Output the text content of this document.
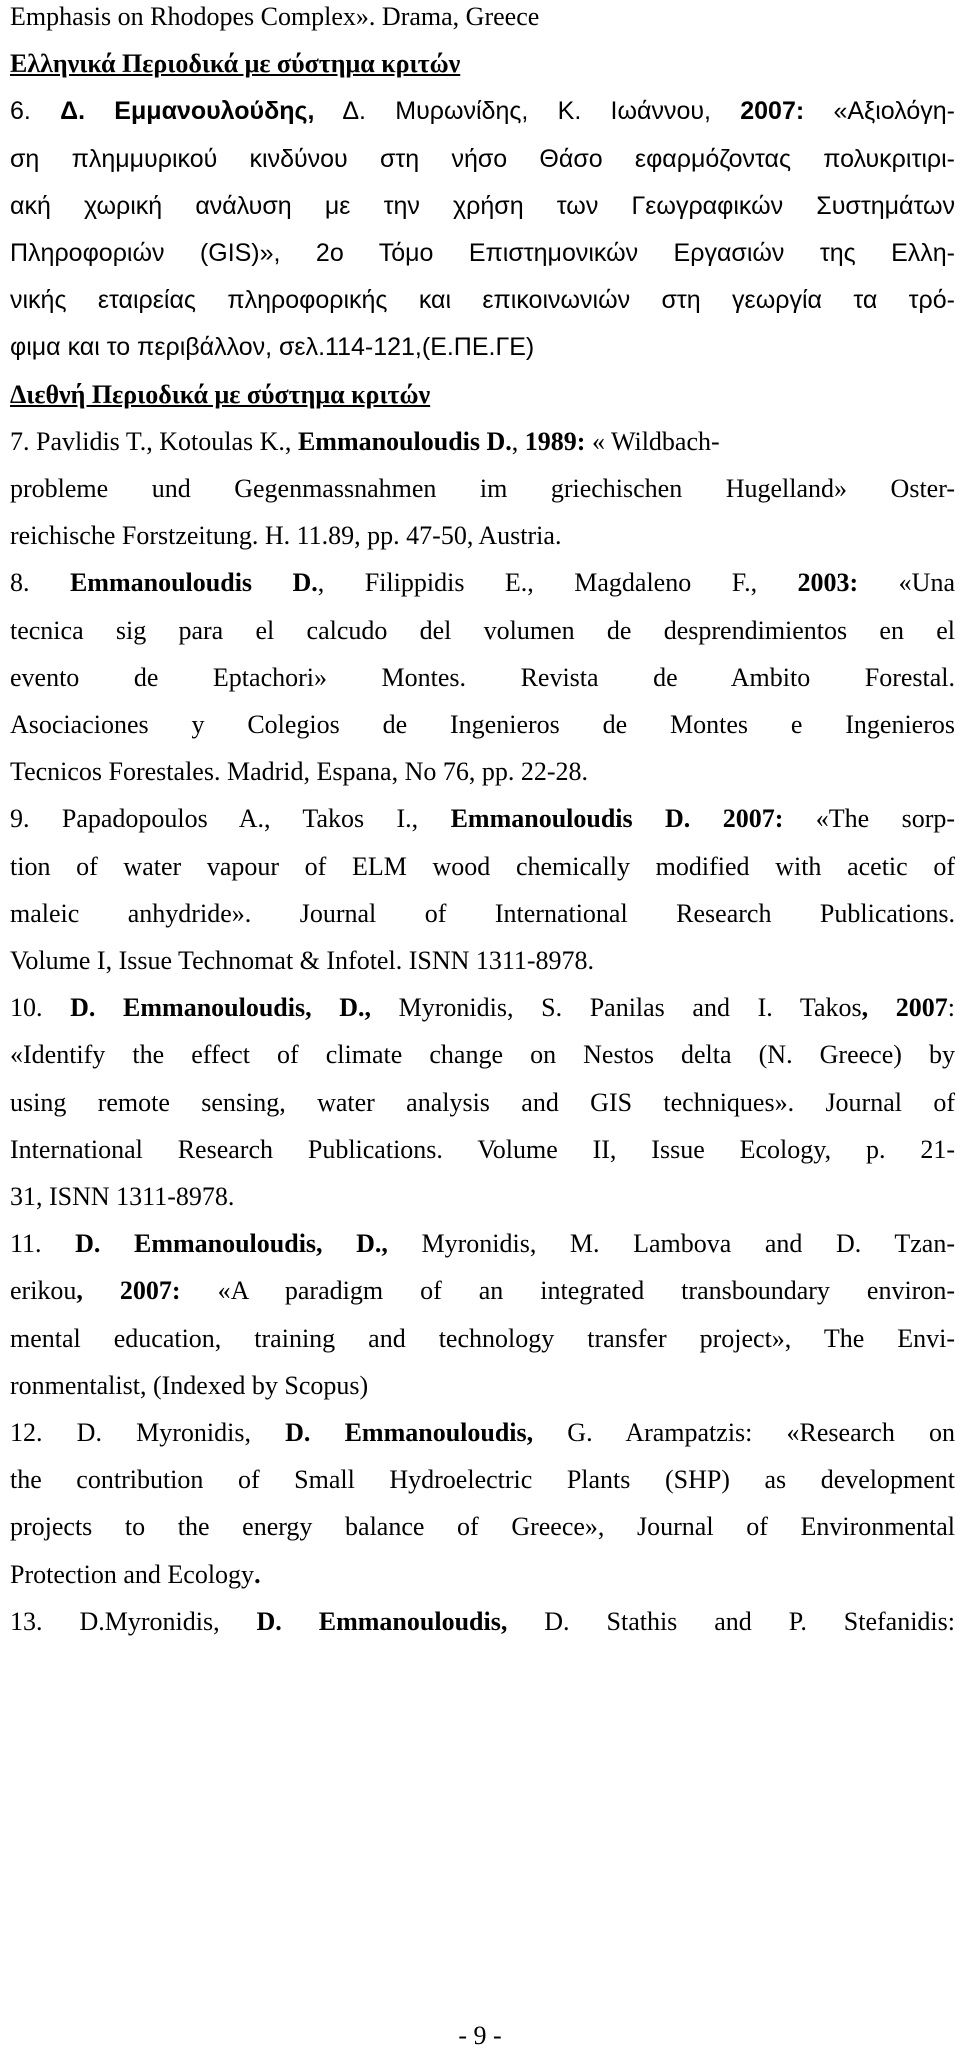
Emphasis on Rhodopes Complex». Drama, Greece
Ελληνικά Περιοδικά με σύστημα κριτών
6. Δ. Εμμανουλούδης, Δ. Μυρωνίδης, Κ. Ιωάννου, 2007: «Αξιολόγη-
ση πλημμυρικού κινδύνου στη νήσο Θάσο εφαρμόζοντας πολυκριτιρι-
ακή χωρική ανάλυση με την χρήση των Γεωγραφικών Συστημάτων
Πληροφοριών (GIS)», 2ο Τόμο Επιστημονικών Εργασιών της Ελλη-
νικής εταιρείας πληροφορικής και επικοινωνιών στη γεωργία τα τρό-
φιμα και το περιβάλλον, σελ.114-121,(Ε.ΠΕ.ΓΕ)
Διεθνή Περιοδικά με σύστημα κριτών
7. Pavlidis T., Kotoulas K., Emmanouloudis D., 1989: « Wildbach-
probleme und Gegenmassnahmen im griechischen Hugelland» Oster-
reichische Forstzeitung. H. 11.89, pp. 47-50, Austria.
8. Emmanouloudis D., Filippidis E., Magdaleno F., 2003: «Una
tecnica sig para el calcudo del volumen de desprendimientos en el
evento de Eptachori» Montes. Revista de Ambito Forestal.
Asociaciones y Colegios de Ingenieros de Montes e Ingenieros
Tecnicos Forestales. Madrid, Espana, No 76, pp. 22-28.
9. Papadopoulos A., Takos I., Emmanouloudis D. 2007: «The sorp-
tion of water vapour of ELM wood chemically modified with acetic of
maleic anhydride». Journal of International Research Publications.
Volume I, Issue Technomat & Infotel. ISNN 1311-8978.
10. D. Emmanouloudis, D., Myronidis, S. Panilas and I. Takos, 2007:
«Identify the effect of climate change on Nestos delta (N. Greece) by
using remote sensing, water analysis and GIS techniques». Journal of
International Research Publications. Volume II, Issue Ecology, p. 21-
31, ISNN 1311-8978.
11. D. Emmanouloudis, D., Myronidis, M. Lambova and D. Tzan-
erikou, 2007: «A paradigm of an integrated transboundary environ-
mental education, training and technology transfer project», The Envi-
ronmentalist, (Indexed by Scopus)
12. D. Myronidis, D. Emmanouloudis, G. Arampatzis: «Research on
the contribution of Small Hydroelectric Plants (SHP) as development
projects to the energy balance of Greece», Journal of Environmental
Protection and Ecology.
13. D.Myronidis, D. Emmanouloudis, D. Stathis and P. Stefanidis:
- 9 -
